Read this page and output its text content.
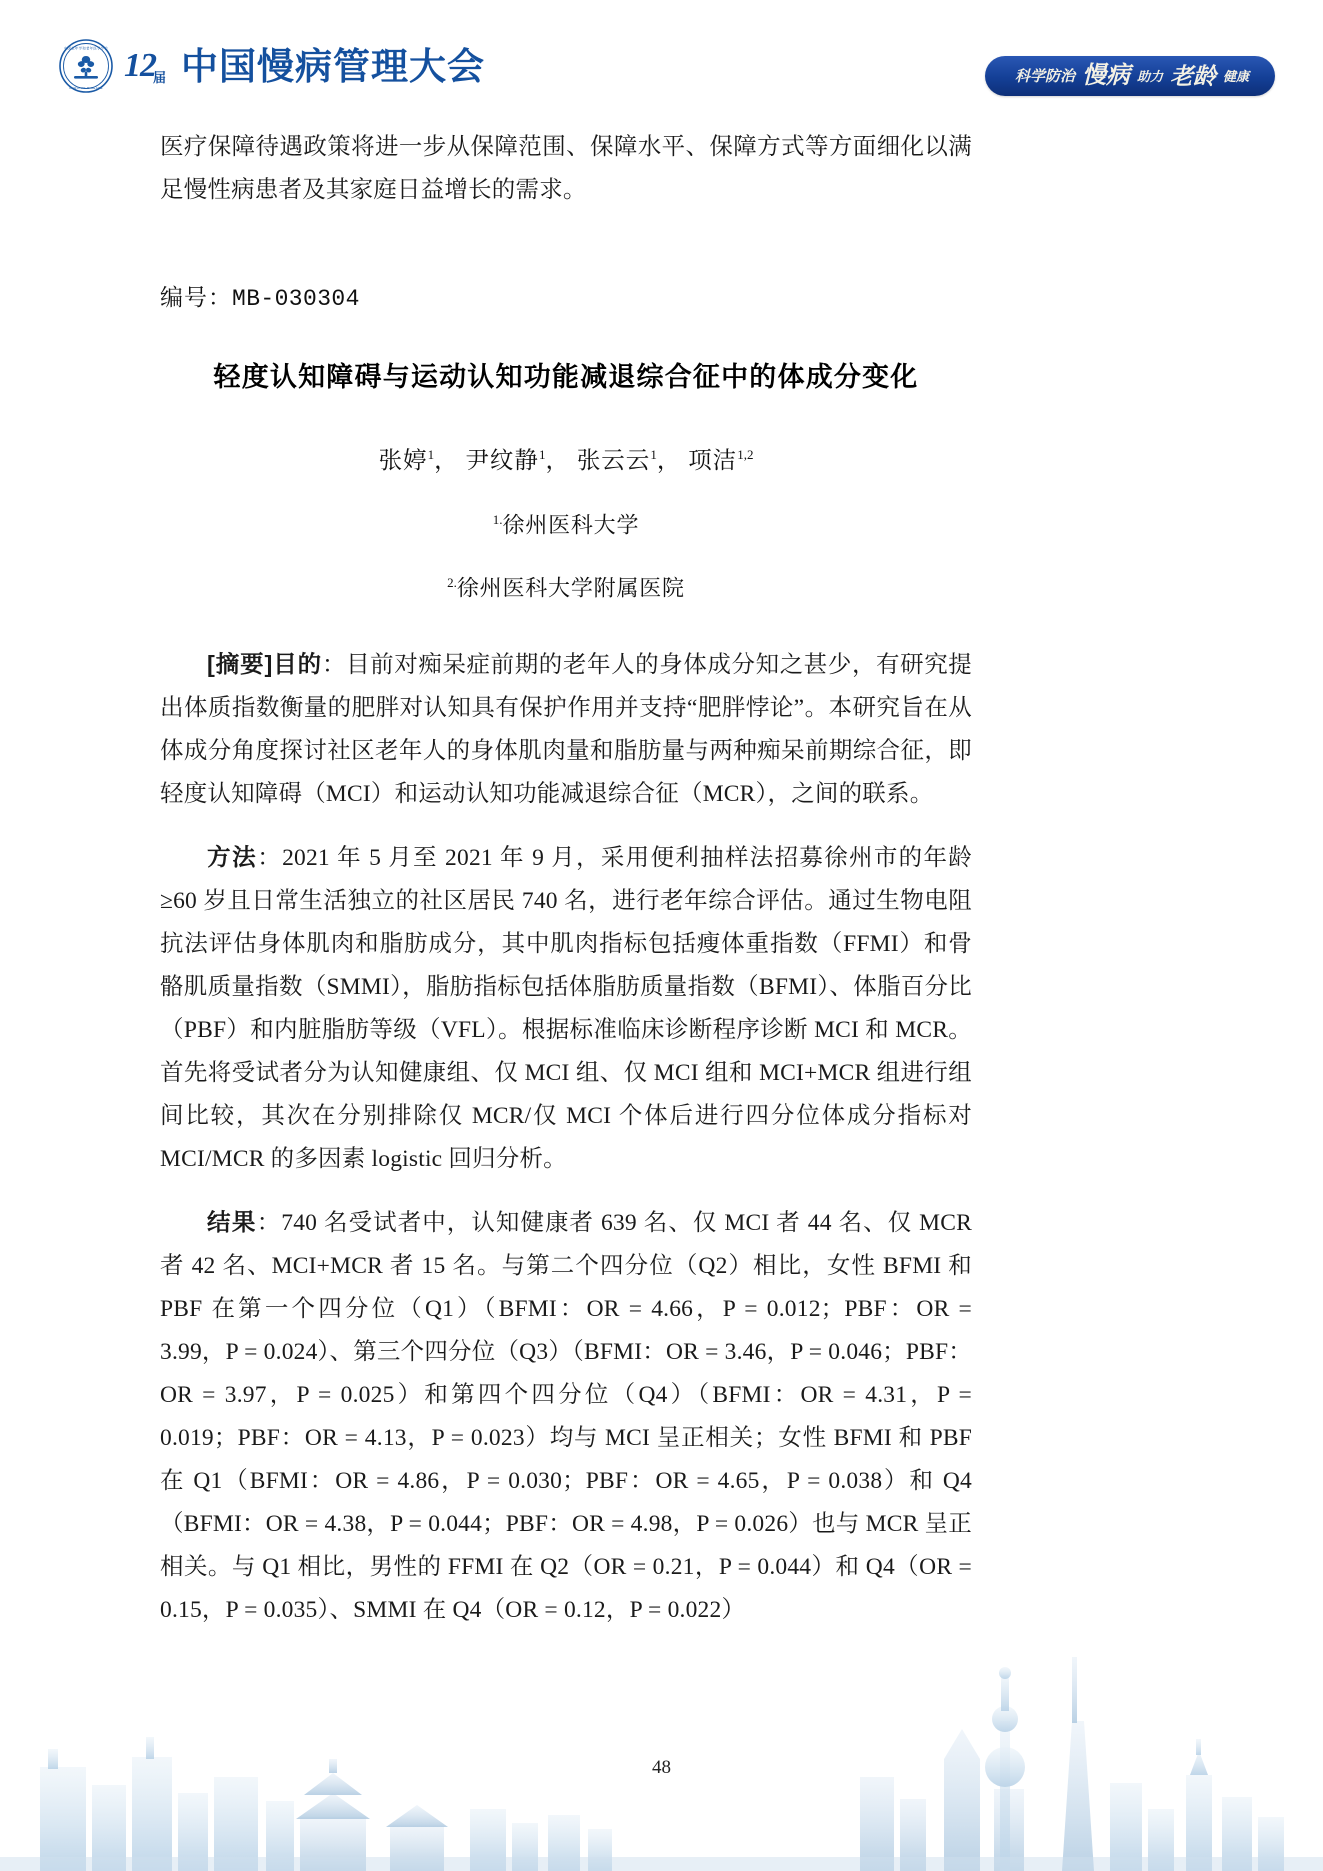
中国老年学和老年医学学会
CHRONIC DISEASE
12届 中国慢病管理大会	科学防治 慢病 助力 老龄 健康

医疗保障待遇政策将进一步从保障范围、保障水平、保障方式等方面细化以满足慢性病患者及其家庭日益增长的需求。

编号：MB-030304
轻度认知障碍与运动认知功能减退综合征中的体成分变化
张婷$^1$， 尹纹静$^1$， 张云云$^1$， 项洁$^{1,2}$
$^{1.}$徐州医科大学
$^{2.}$徐州医科大学附属医院

[摘要]目的：目前对痴呆症前期的老年人的身体成分知之甚少，有研究提出体质指数衡量的肥胖对认知具有保护作用并支持“肥胖悖论”。本研究旨在从体成分角度探讨社区老年人的身体肌肉量和脂肪量与两种痴呆前期综合征，即轻度认知障碍（MCI）和运动认知功能减退综合征（MCR），之间的联系。

方法：2021 年 5 月至 2021 年 9 月，采用便利抽样法招募徐州市的年龄≥60 岁且日常生活独立的社区居民 740 名，进行老年综合评估。通过生物电阻抗法评估身体肌肉和脂肪成分，其中肌肉指标包括瘦体重指数（FFMI）和骨骼肌质量指数（SMMI），脂肪指标包括体脂肪质量指数（BFMI）、体脂百分比（PBF）和内脏脂肪等级（VFL）。根据标准临床诊断程序诊断 MCI 和 MCR。首先将受试者分为认知健康组、仅 MCI 组、仅 MCI 组和 MCI+MCR 组进行组间比较，其次在分别排除仅 MCR/仅 MCI 个体后进行四分位体成分指标对 MCI/MCR 的多因素 logistic 回归分析。

结果：740 名受试者中，认知健康者 639 名、仅 MCI 者 44 名、仅 MCR 者 42 名、MCI+MCR 者 15 名。与第二个四分位（Q2）相比，女性 BFMI 和 PBF 在第一个四分位（Q1）（BFMI：OR = 4.66，P = 0.012；PBF：OR = 3.99，P = 0.024）、第三个四分位（Q3）（BFMI：OR = 3.46，P = 0.046；PBF：OR = 3.97，P = 0.025）和第四个四分位（Q4）（BFMI：OR = 4.31，P = 0.019；PBF：OR = 4.13，P = 0.023）均与 MCI 呈正相关；女性 BFMI 和 PBF 在 Q1（BFMI：OR = 4.86，P = 0.030；PBF：OR = 4.65，P = 0.038）和 Q4（BFMI：OR = 4.38，P = 0.044；PBF：OR = 4.98，P = 0.026）也与 MCR 呈正相关。与 Q1 相比，男性的 FFMI 在 Q2（OR = 0.21，P = 0.044）和 Q4（OR = 0.15，P = 0.035）、SMMI 在 Q4（OR = 0.12，P = 0.022）

48
